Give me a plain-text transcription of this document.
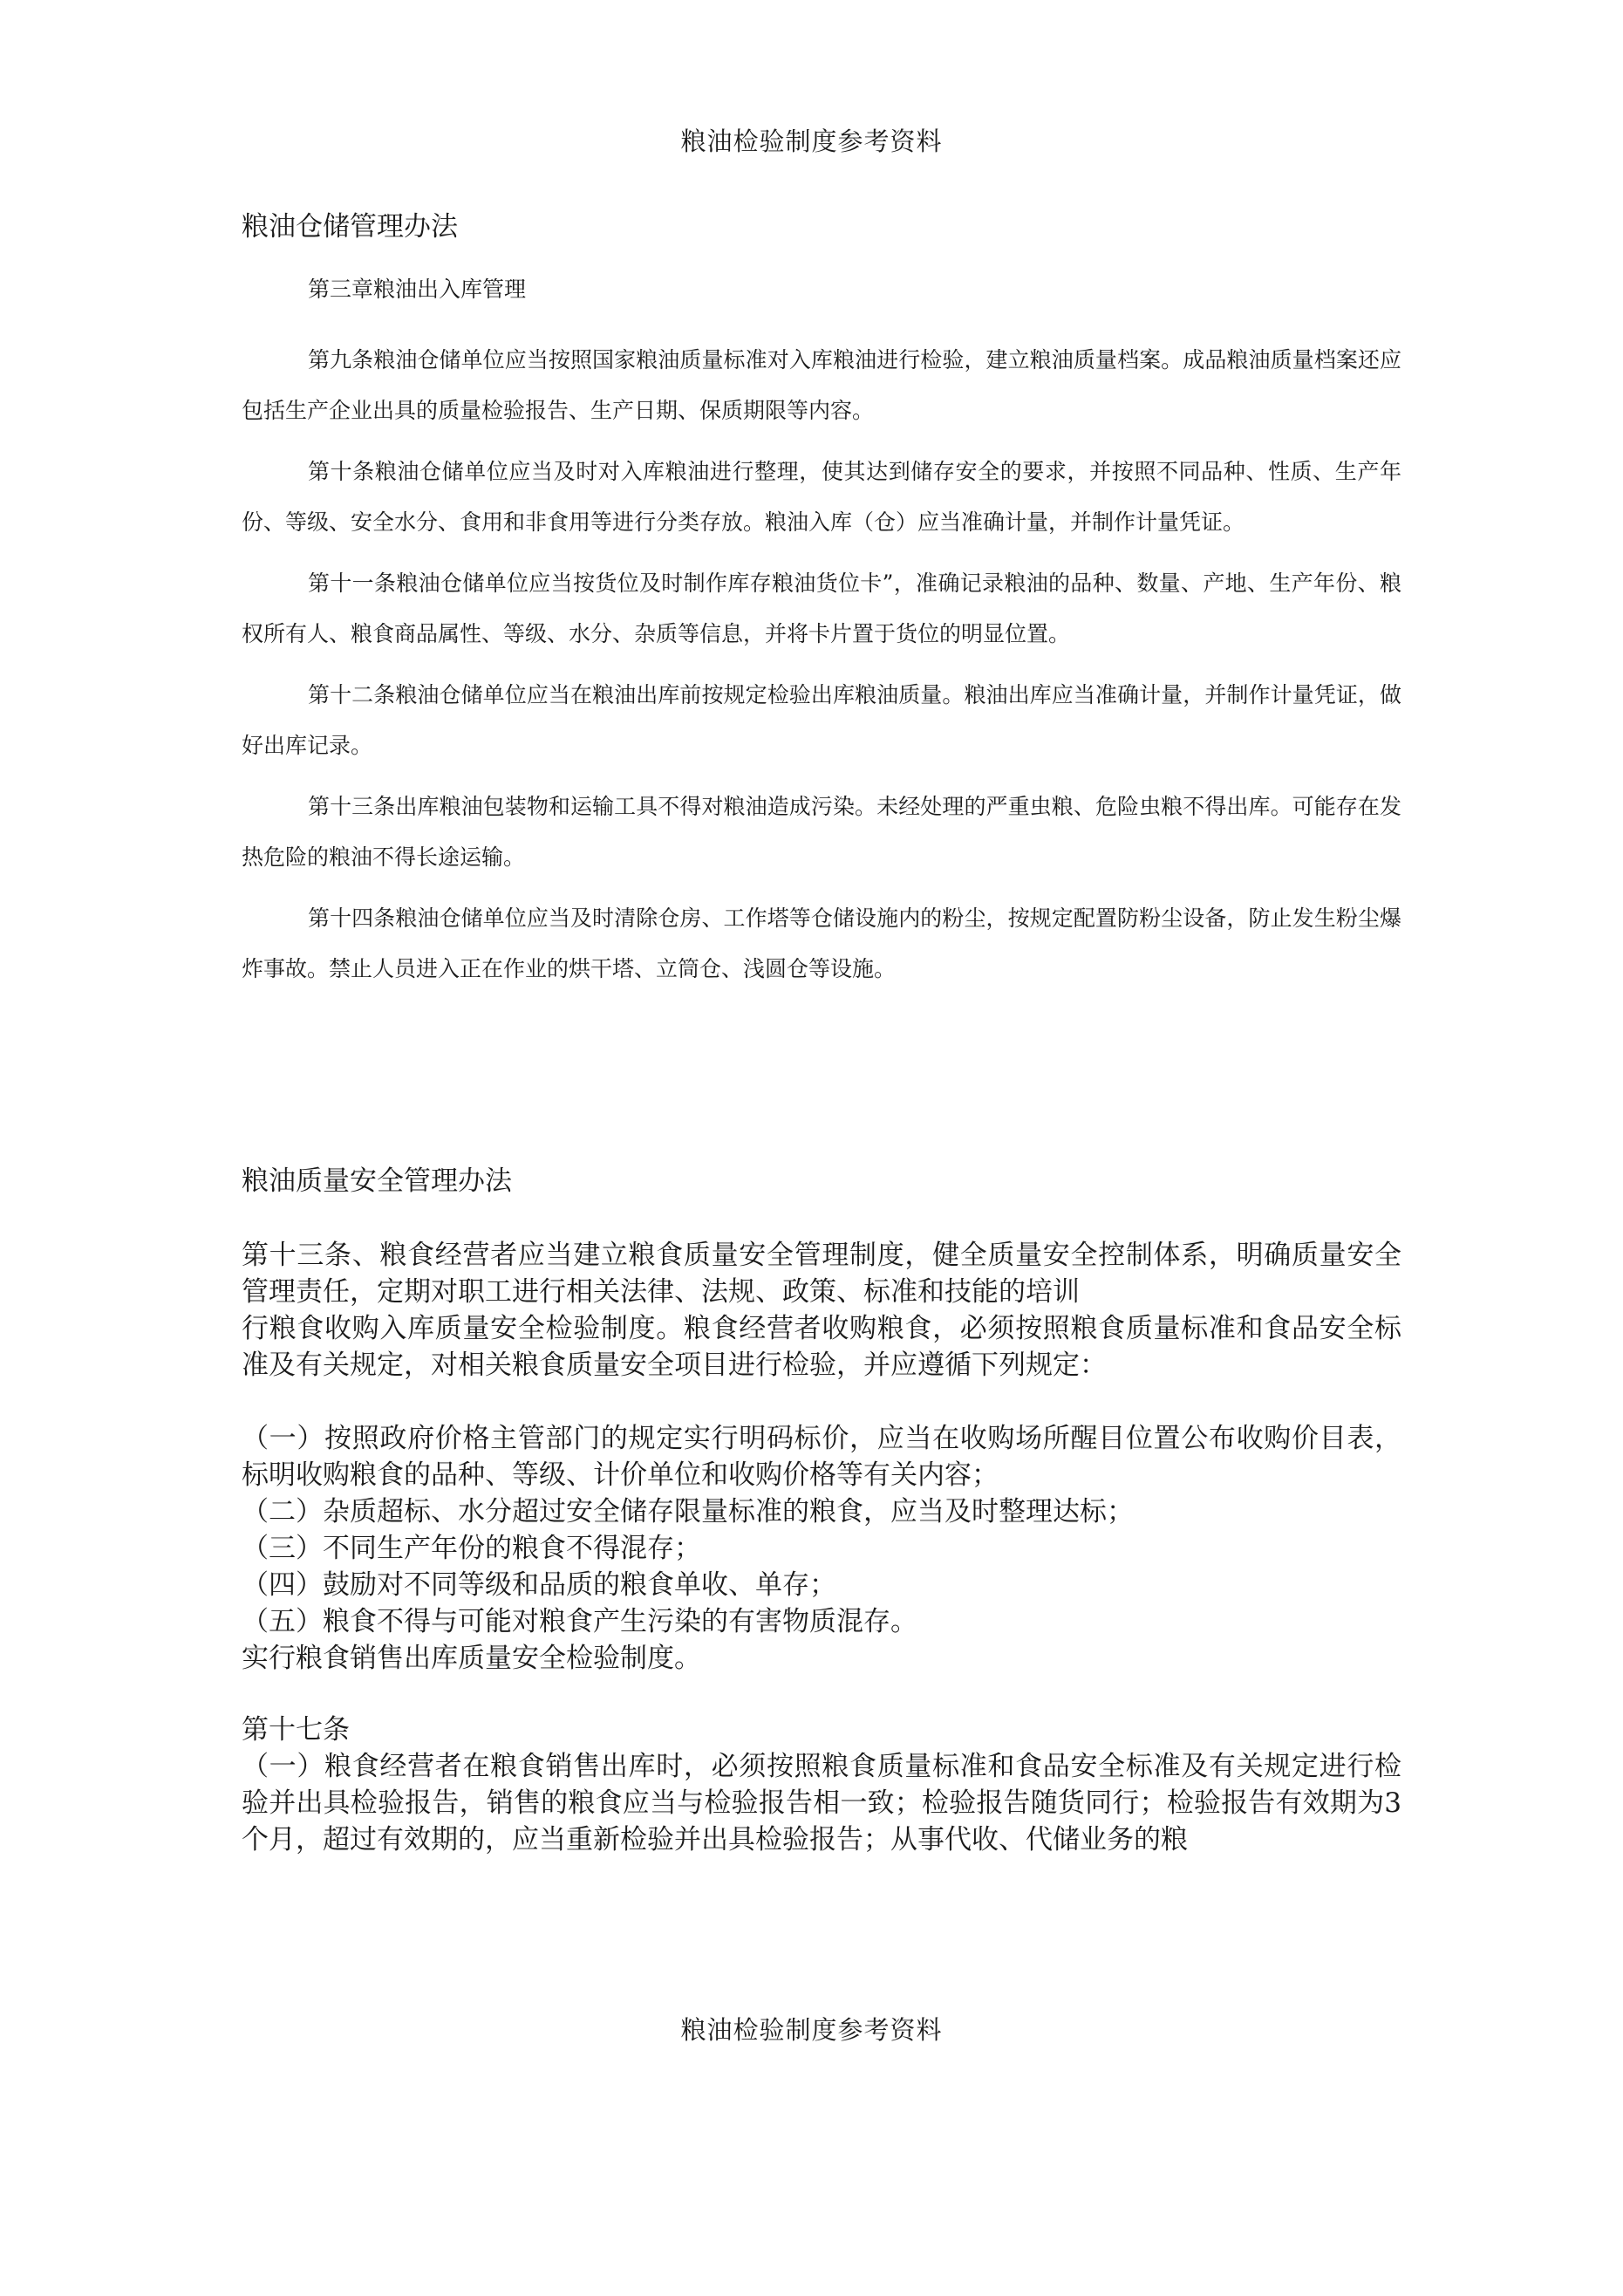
粮油检验制度参考资料
粮油仓储管理办法
第三章粮油出入库管理

第九条粮油仓储单位应当按照国家粮油质量标准对入库粮油进行检验，建立粮油质量档案。成品粮油质量档案还应包括生产企业出具的质量检验报告、生产日期、保质期限等内容。

第十条粮油仓储单位应当及时对入库粮油进行整理，使其达到储存安全的要求，并按照不同品种、性质、生产年份、等级、安全水分、食用和非食用等进行分类存放。粮油入库（仓）应当准确计量，并制作计量凭证。

第十一条粮油仓储单位应当按货位及时制作库存粮油货位卡”，准确记录粮油的品种、数量、产地、生产年份、粮权所有人、粮食商品属性、等级、水分、杂质等信息，并将卡片置于货位的明显位置。

第十二条粮油仓储单位应当在粮油出库前按规定检验出库粮油质量。粮油出库应当准确计量，并制作计量凭证，做好出库记录。

第十三条出库粮油包装物和运输工具不得对粮油造成污染。未经处理的严重虫粮、危险虫粮不得出库。可能存在发热危险的粮油不得长途运输。

第十四条粮油仓储单位应当及时清除仓房、工作塔等仓储设施内的粉尘，按规定配置防粉尘设备，防止发生粉尘爆炸事故。禁止人员进入正在作业的烘干塔、立筒仓、浅圆仓等设施。

粮油质量安全管理办法

第十三条、粮食经营者应当建立粮食质量安全管理制度，健全质量安全控制体系，明确质量安全管理责任，定期对职工进行相关法律、法规、政策、标准和技能的培训

行粮食收购入库质量安全检验制度。粮食经营者收购粮食，必须按照粮食质量标准和食品安全标准及有关规定，对相关粮食质量安全项目进行检验，并应遵循下列规定：

（一）按照政府价格主管部门的规定实行明码标价，应当在收购场所醒目位置公布收购价目表，标明收购粮食的品种、等级、计价单位和收购价格等有关内容；

（二）杂质超标、水分超过安全储存限量标准的粮食，应当及时整理达标；

（三）不同生产年份的粮食不得混存；

（四）鼓励对不同等级和品质的粮食单收、单存；

（五）粮食不得与可能对粮食产生污染的有害物质混存。

实行粮食销售出库质量安全检验制度。

第十七条

（一）粮食经营者在粮食销售出库时，必须按照粮食质量标准和食品安全标准及有关规定进行检验并出具检验报告，销售的粮食应当与检验报告相一致；检验报告随货同行；检验报告有效期为3个月，超过有效期的，应当重新检验并出具检验报告；从事代收、代储业务的粮

粮油检验制度参考资料
